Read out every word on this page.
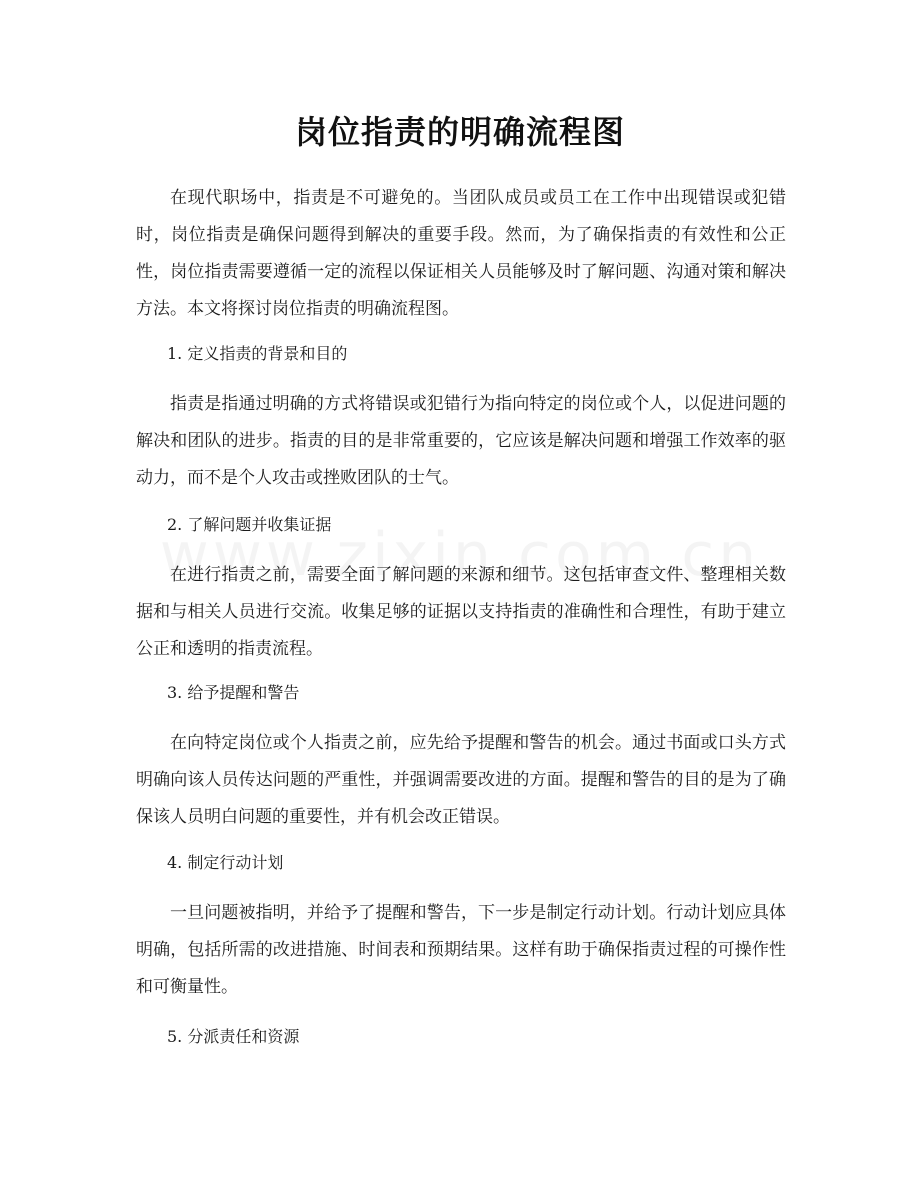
岗位指责的明确流程图

在现代职场中，指责是不可避免的。当团队成员或员工在工作中出现错误或犯错时，岗位指责是确保问题得到解决的重要手段。然而，为了确保指责的有效性和公正性，岗位指责需要遵循一定的流程以保证相关人员能够及时了解问题、沟通对策和解决方法。本文将探讨岗位指责的明确流程图。

1. 定义指责的背景和目的

指责是指通过明确的方式将错误或犯错行为指向特定的岗位或个人，以促进问题的解决和团队的进步。指责的目的是非常重要的，它应该是解决问题和增强工作效率的驱动力，而不是个人攻击或挫败团队的士气。

2. 了解问题并收集证据

在进行指责之前，需要全面了解问题的来源和细节。这包括审查文件、整理相关数据和与相关人员进行交流。收集足够的证据以支持指责的准确性和合理性，有助于建立公正和透明的指责流程。

3. 给予提醒和警告

在向特定岗位或个人指责之前，应先给予提醒和警告的机会。通过书面或口头方式明确向该人员传达问题的严重性，并强调需要改进的方面。提醒和警告的目的是为了确保该人员明白问题的重要性，并有机会改正错误。

4. 制定行动计划

一旦问题被指明，并给予了提醒和警告，下一步是制定行动计划。行动计划应具体明确，包括所需的改进措施、时间表和预期结果。这样有助于确保指责过程的可操作性和可衡量性。

5. 分派责任和资源
